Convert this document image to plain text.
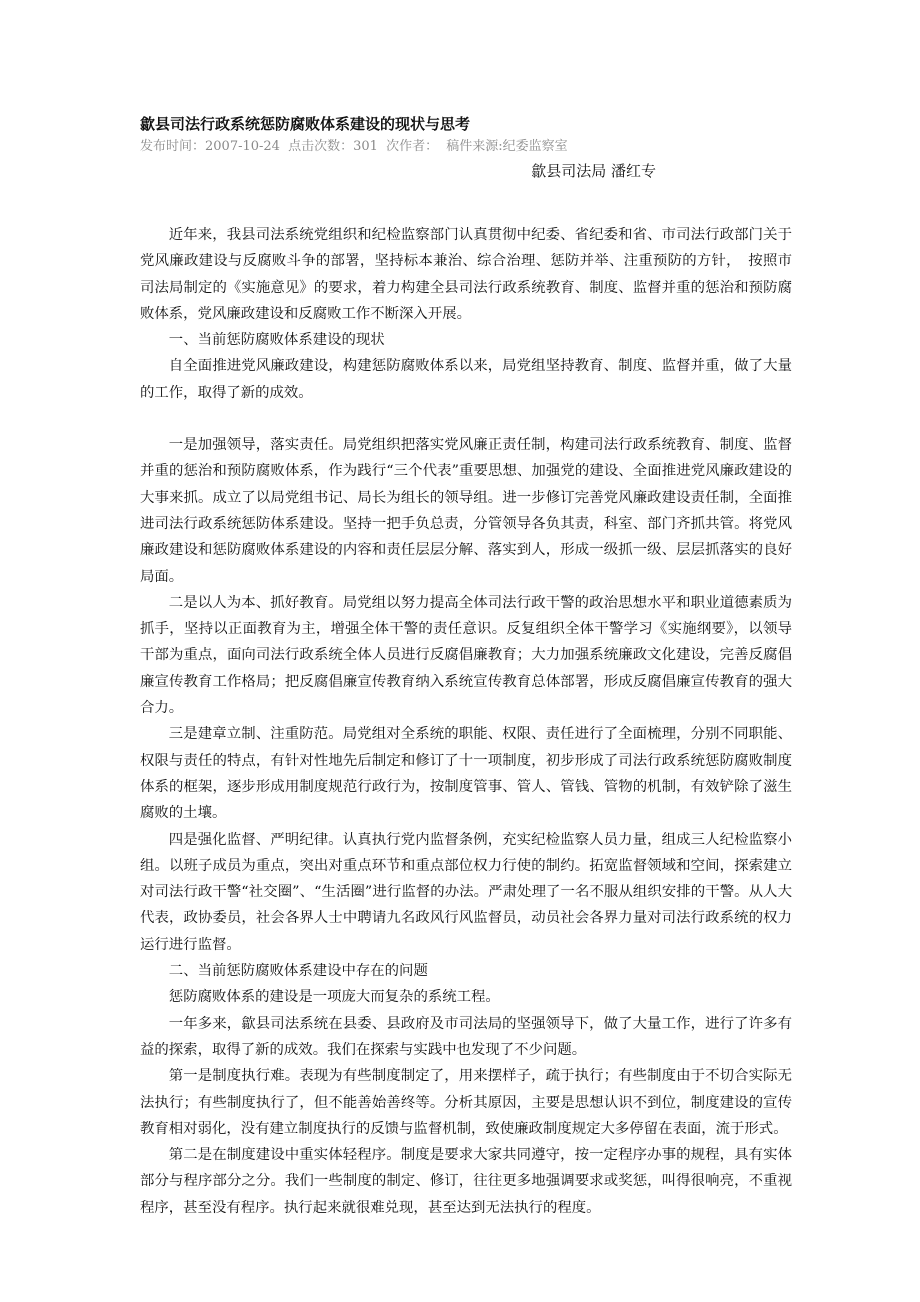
歙县司法行政系统惩防腐败体系建设的现状与思考

发布时间：2007-10-24 点击次数：301 次作者： 稿件来源:纪委监察室

歙县司法局 潘红专

近年来，我县司法系统党组织和纪检监察部门认真贯彻中纪委、省纪委和省、市司法行政部门关于党风廉政建设与反腐败斗争的部署，坚持标本兼治、综合治理、惩防并举、注重预防的方针，　按照市司法局制定的《实施意见》的要求，着力构建全县司法行政系统教育、制度、监督并重的惩治和预防腐败体系，党风廉政建设和反腐败工作不断深入开展。

一、当前惩防腐败体系建设的现状

自全面推进党风廉政建设，构建惩防腐败体系以来，局党组坚持教育、制度、监督并重，做了大量的工作，取得了新的成效。

一是加强领导，落实责任。局党组织把落实党风廉正责任制，构建司法行政系统教育、制度、监督并重的惩治和预防腐败体系，作为践行“三个代表”重要思想、加强党的建设、全面推进党风廉政建设的大事来抓。成立了以局党组书记、局长为组长的领导组。进一步修订完善党风廉政建设责任制，全面推进司法行政系统惩防体系建设。坚持一把手负总责，分管领导各负其责，科室、部门齐抓共管。将党风廉政建设和惩防腐败体系建设的内容和责任层层分解、落实到人，形成一级抓一级、层层抓落实的良好局面。

二是以人为本、抓好教育。局党组以努力提高全体司法行政干警的政治思想水平和职业道德素质为抓手，坚持以正面教育为主，增强全体干警的责任意识。反复组织全体干警学习《实施纲要》，以领导干部为重点，面向司法行政系统全体人员进行反腐倡廉教育；大力加强系统廉政文化建设，完善反腐倡廉宣传教育工作格局；把反腐倡廉宣传教育纳入系统宣传教育总体部署，形成反腐倡廉宣传教育的强大合力。

三是建章立制、注重防范。局党组对全系统的职能、权限、责任进行了全面梳理，分别不同职能、权限与责任的特点，有针对性地先后制定和修订了十一项制度，初步形成了司法行政系统惩防腐败制度体系的框架，逐步形成用制度规范行政行为，按制度管事、管人、管钱、管物的机制，有效铲除了滋生腐败的土壤。

四是强化监督、严明纪律。认真执行党内监督条例，充实纪检监察人员力量，组成三人纪检监察小组。以班子成员为重点，突出对重点环节和重点部位权力行使的制约。拓宽监督领域和空间，探索建立对司法行政干警“社交圈”、“生活圈”进行监督的办法。严肃处理了一名不服从组织安排的干警。从人大代表，政协委员，社会各界人士中聘请九名政风行风监督员，动员社会各界力量对司法行政系统的权力运行进行监督。

二、当前惩防腐败体系建设中存在的问题

惩防腐败体系的建设是一项庞大而复杂的系统工程。

一年多来，歙县司法系统在县委、县政府及市司法局的坚强领导下，做了大量工作，进行了许多有益的探索，取得了新的成效。我们在探索与实践中也发现了不少问题。

第一是制度执行难。表现为有些制度制定了，用来摆样子，疏于执行；有些制度由于不切合实际无法执行；有些制度执行了，但不能善始善终等。分析其原因，主要是思想认识不到位，制度建设的宣传教育相对弱化，没有建立制度执行的反馈与监督机制，致使廉政制度规定大多停留在表面，流于形式。

第二是在制度建设中重实体轻程序。制度是要求大家共同遵守，按一定程序办事的规程，具有实体部分与程序部分之分。我们一些制度的制定、修订，往往更多地强调要求或奖惩，叫得很响亮，不重视程序，甚至没有程序。执行起来就很难兑现，甚至达到无法执行的程度。
